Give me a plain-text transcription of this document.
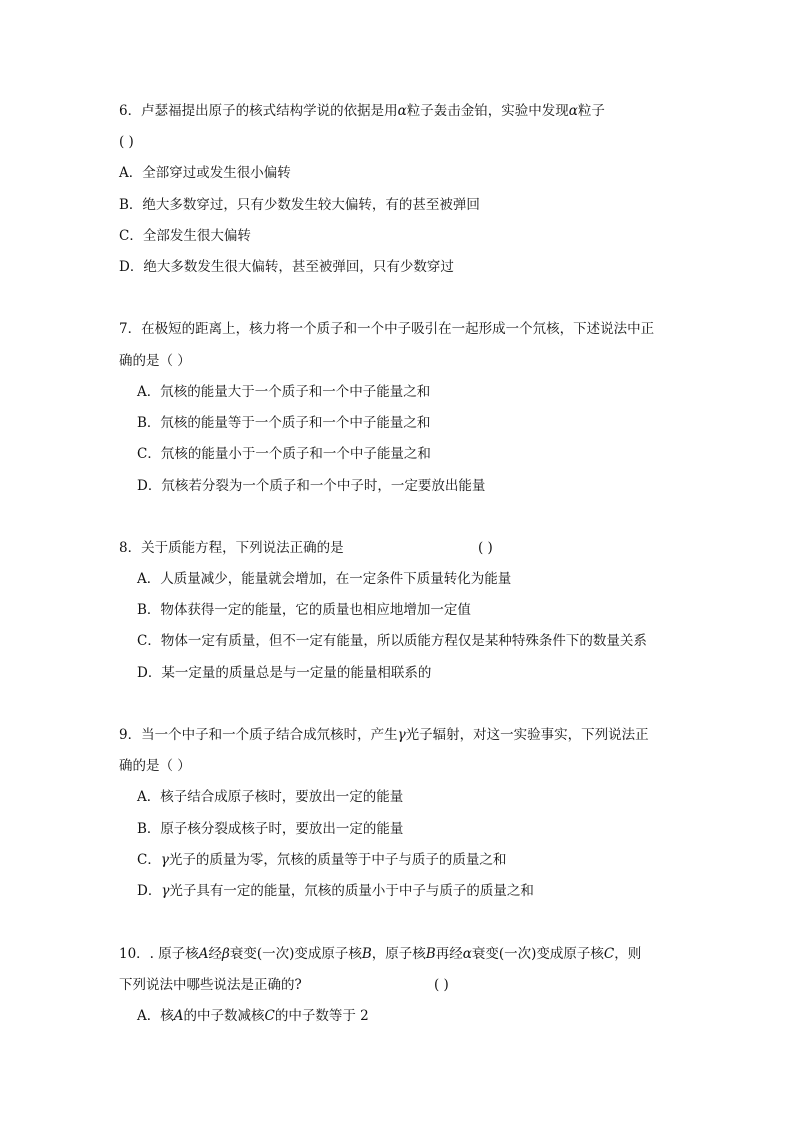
6．卢瑟福提出原子的核式结构学说的依据是用α粒子轰击金铂，实验中发现α粒子
( )
A．全部穿过或发生很小偏转
B．绝大多数穿过，只有少数发生较大偏转，有的甚至被弹回
C．全部发生很大偏转
D．绝大多数发生很大偏转，甚至被弹回，只有少数穿过
7．在极短的距离上，核力将一个质子和一个中子吸引在一起形成一个氘核，下述说法中正
确的是（ ）
A．氘核的能量大于一个质子和一个中子能量之和
B．氘核的能量等于一个质子和一个中子能量之和
C．氘核的能量小于一个质子和一个中子能量之和
D．氘核若分裂为一个质子和一个中子时，一定要放出能量
8．关于质能方程，下列说法正确的是	( )
A．人质量减少，能量就会增加，在一定条件下质量转化为能量
B．物体获得一定的能量，它的质量也相应地增加一定值
C．物体一定有质量，但不一定有能量，所以质能方程仅是某种特殊条件下的数量关系
D．某一定量的质量总是与一定量的能量相联系的
9．当一个中子和一个质子结合成氘核时，产生γ光子辐射，对这一实验事实，下列说法正
确的是（ ）
A．核子结合成原子核时，要放出一定的能量
B．原子核分裂成核子时，要放出一定的能量
C．γ光子的质量为零，氘核的质量等于中子与质子的质量之和
D．γ光子具有一定的能量，氘核的质量小于中子与质子的质量之和
10．. 原子核A经β衰变(一次)变成原子核B，原子核B再经α衰变(一次)变成原子核C，则
下列说法中哪些说法是正确的?	( )
A．核A的中子数减核C的中子数等于 2
